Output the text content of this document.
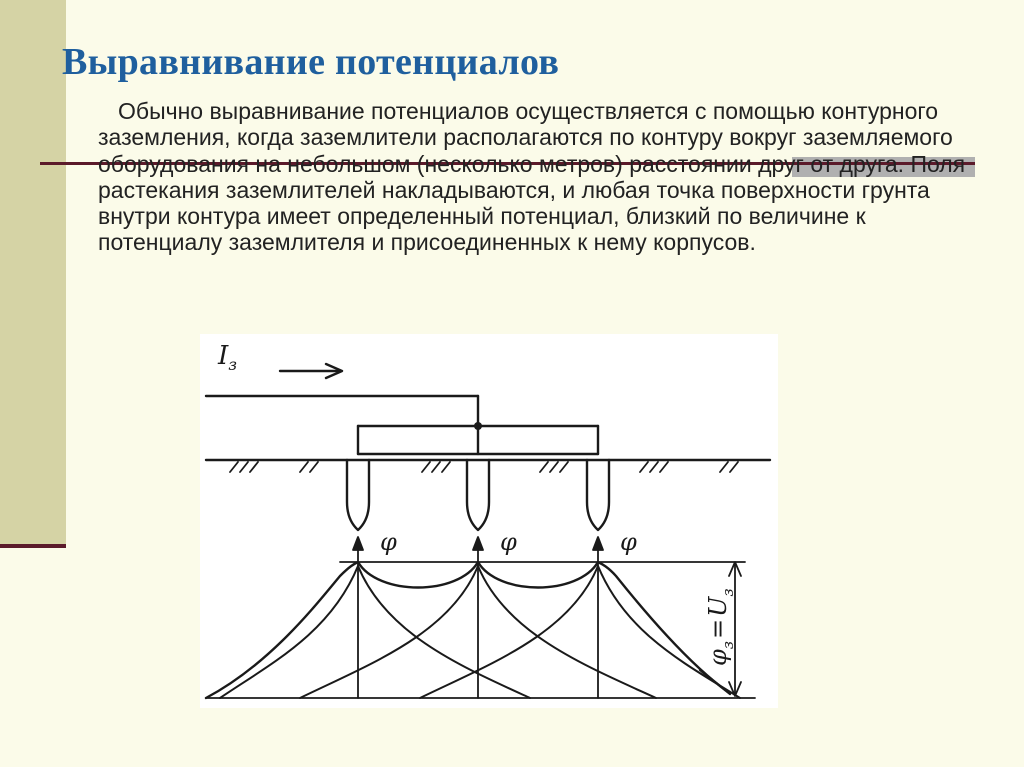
Выравнивание потенциалов

Обычно выравнивание потенциалов осуществляется с помощью контурного заземления, когда заземлители располагаются по контуру вокруг заземляемого оборудования на небольшом (несколько метров) расстоянии друг от друга. Поля растекания заземлителей накладываются, и любая точка поверхности грунта внутри контура имеет определенный потенциал, близкий по величине к потенциалу заземлителя и присоединенных к нему корпусов.

$I_з$
φ	φ	φ
$\varphi_з=U_з$
